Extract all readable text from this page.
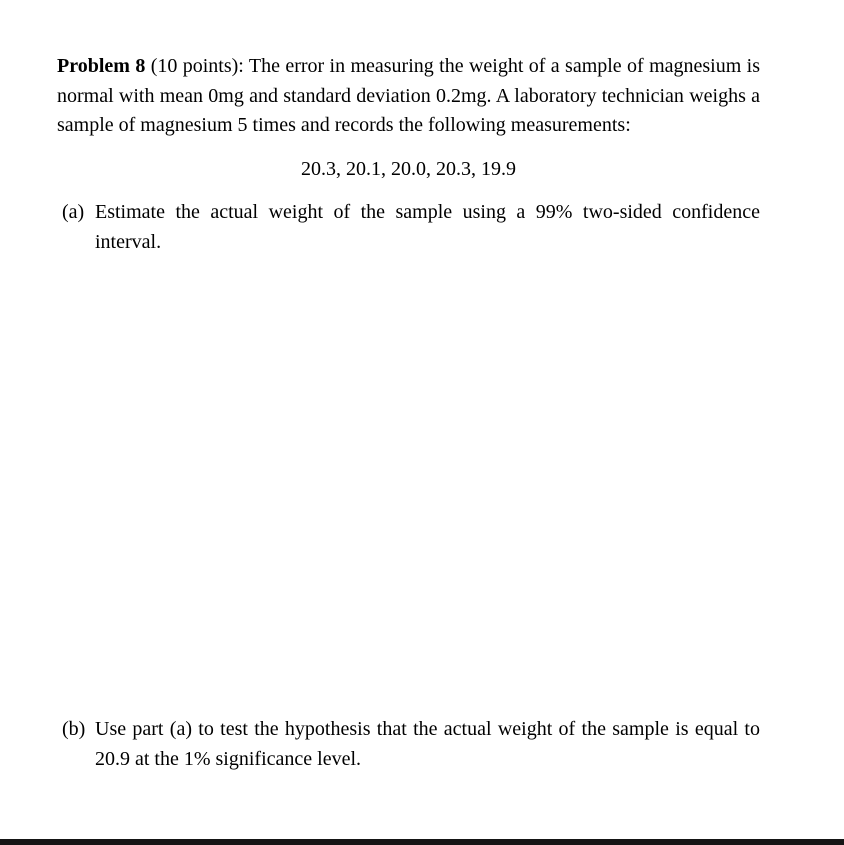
Problem 8 (10 points): The error in measuring the weight of a sample of magnesium is normal with mean 0mg and standard deviation 0.2mg. A laboratory technician weighs a sample of magnesium 5 times and records the following measurements:

20.3, 20.1, 20.0, 20.3, 19.9

(a) Estimate the actual weight of the sample using a 99% two-sided confidence interval.
(b) Use part (a) to test the hypothesis that the actual weight of the sample is equal to 20.9 at the 1% significance level.
